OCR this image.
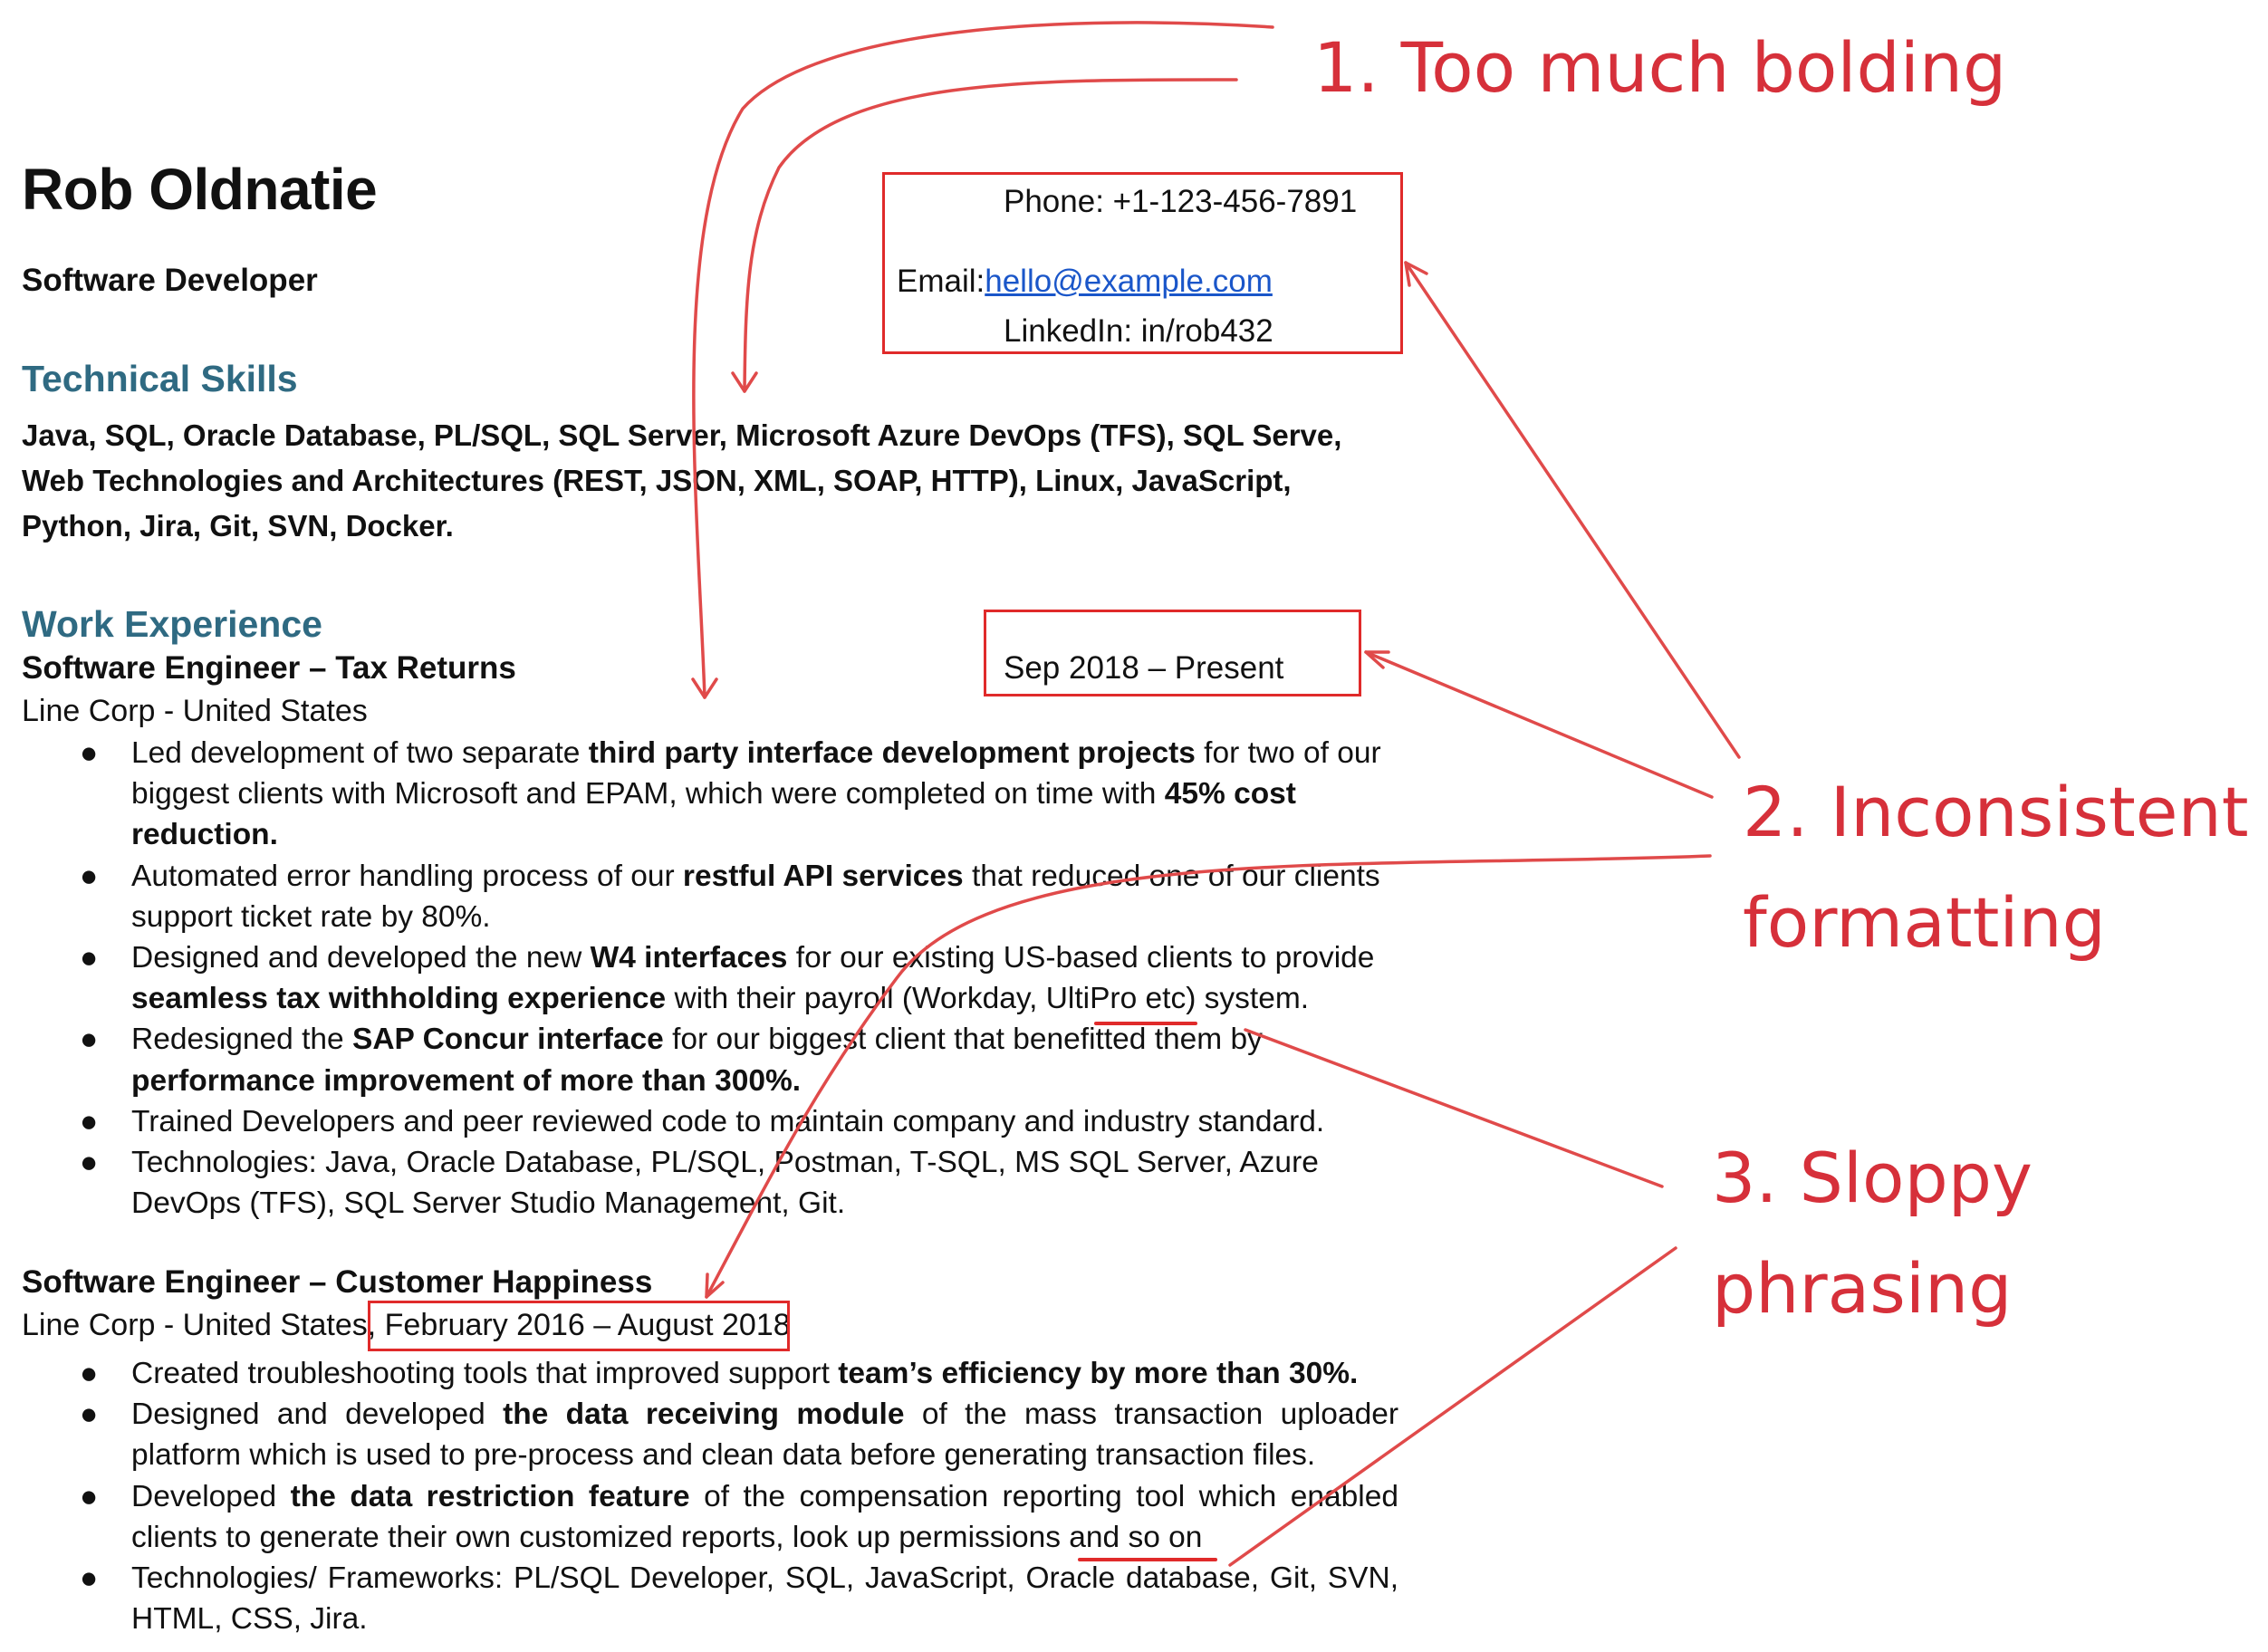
Rob Oldnatie
Software Developer
Phone: +1-123-456-7891
Email:hello@example.com
LinkedIn: in/rob432
Technical Skills
Java, SQL, Oracle Database, PL/SQL, SQL Server, Microsoft Azure DevOps (TFS), SQL Serve, Web Technologies and Architectures (REST, JSON, XML, SOAP, HTTP), Linux, JavaScript, Python, Jira, Git, SVN, Docker.
Work Experience
Software Engineer – Tax Returns	Sep 2018 – Present
Line Corp - United States
● Led development of two separate third party interface development projects for two of our biggest clients with Microsoft and EPAM, which were completed on time with 45% cost reduction.
● Automated error handling process of our restful API services that reduced one of our clients support ticket rate by 80%.
● Designed and developed the new W4 interfaces for our existing US-based clients to provide seamless tax withholding experience with their payroll (Workday, UltiPro etc) system.
● Redesigned the SAP Concur interface for our biggest client that benefitted them by performance improvement of more than 300%.
● Trained Developers and peer reviewed code to maintain company and industry standard.
● Technologies: Java, Oracle Database, PL/SQL, Postman, T-SQL, MS SQL Server, Azure DevOps (TFS), SQL Server Studio Management, Git.
Software Engineer – Customer Happiness
Line Corp - United States, February 2016 – August 2018
● Created troubleshooting tools that improved support team’s efficiency by more than 30%.
● Designed and developed the data receiving module of the mass transaction uploader platform which is used to pre-process and clean data before generating transaction files.
● Developed the data restriction feature of the compensation reporting tool which enabled clients to generate their own customized reports, look up permissions and so on
● Technologies/ Frameworks: PL/SQL Developer, SQL, JavaScript, Oracle database, Git, SVN, HTML, CSS, Jira.
1. Too much bolding
2. Inconsistent
formatting
3. Sloppy
phrasing
